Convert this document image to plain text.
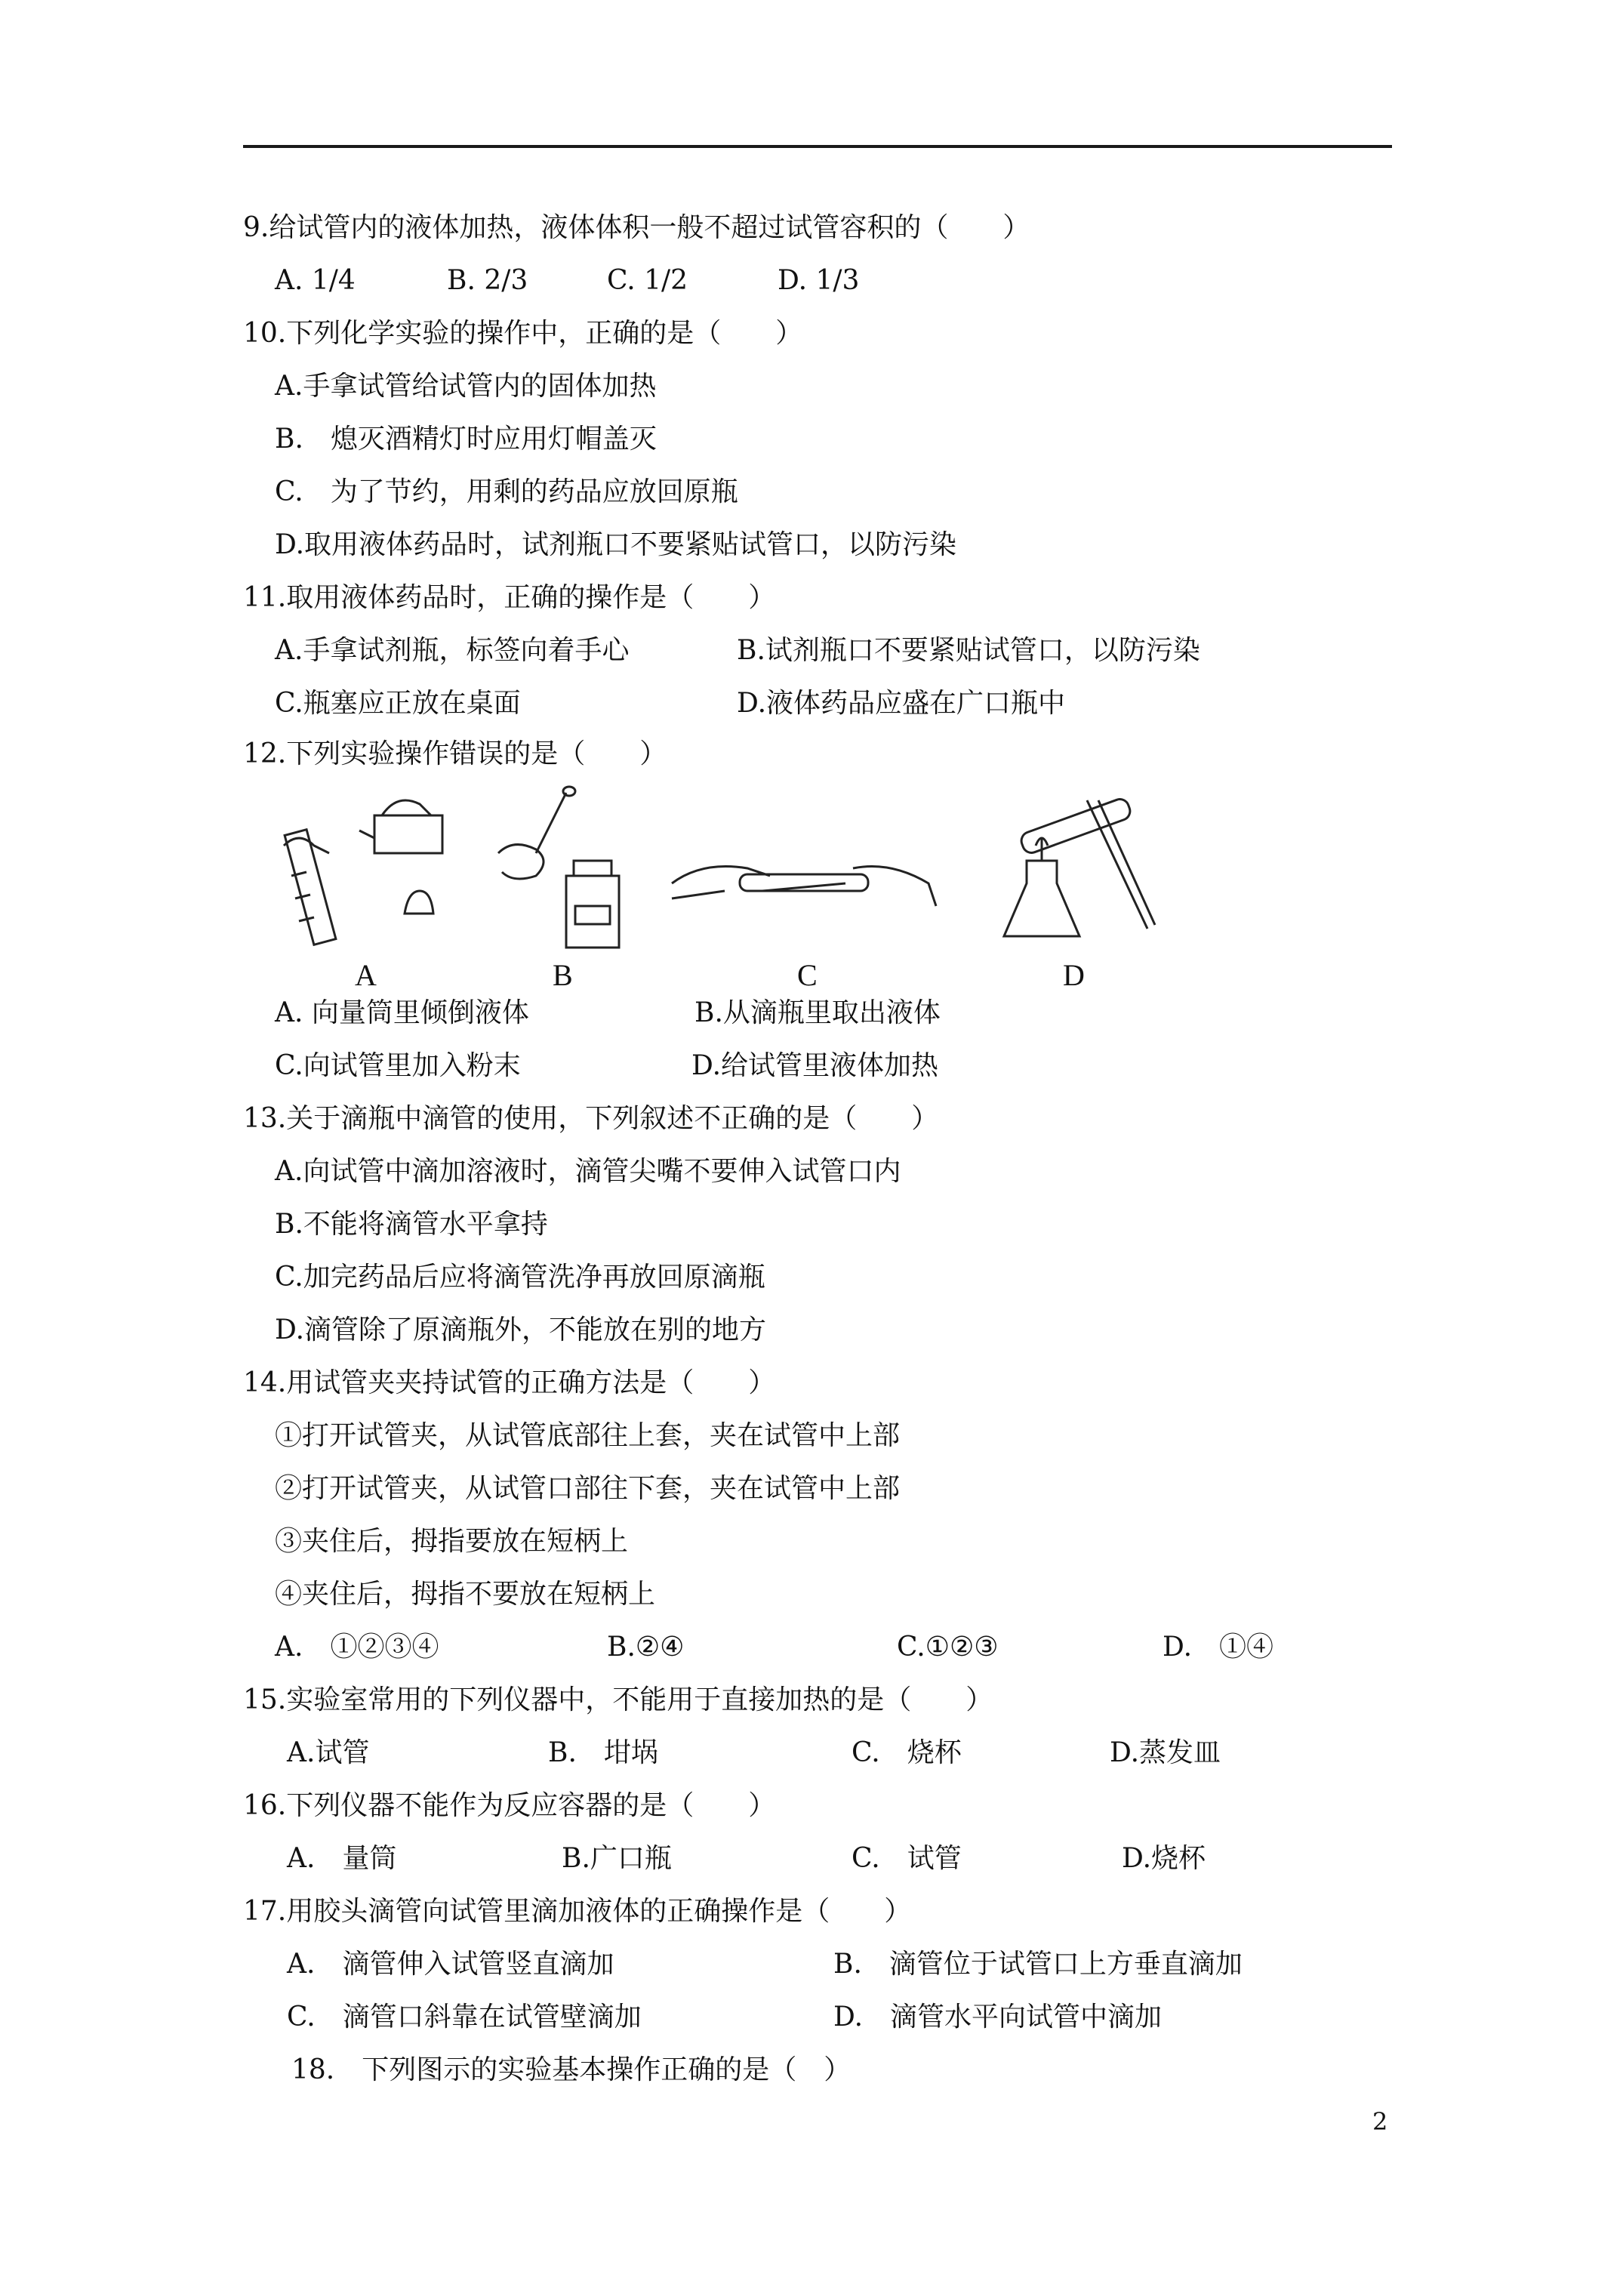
9.给试管内的液体加热，液体体积一般不超过试管容积的（　　）
A. 1/4	B. 2/3	C. 1/2	D. 1/3
10.下列化学实验的操作中，正确的是（　　）
A.手拿试管给试管内的固体加热
B.　熄灭酒精灯时应用灯帽盖灭
C.　为了节约，用剩的药品应放回原瓶
D.取用液体药品时，试剂瓶口不要紧贴试管口，以防污染
11.取用液体药品时，正确的操作是（　　）
A.手拿试剂瓶，标签向着手心	B.试剂瓶口不要紧贴试管口，以防污染
C.瓶塞应正放在桌面	D.液体药品应盛在广口瓶中
12.下列实验操作错误的是（　　）
A	B	C	D
A. 向量筒里倾倒液体	B.从滴瓶里取出液体
C.向试管里加入粉末	D.给试管里液体加热
13.关于滴瓶中滴管的使用，下列叙述不正确的是（　　）
A.向试管中滴加溶液时，滴管尖嘴不要伸入试管口内
B.不能将滴管水平拿持
C.加完药品后应将滴管洗净再放回原滴瓶
D.滴管除了原滴瓶外，不能放在别的地方
14.用试管夹夹持试管的正确方法是（　　）
①打开试管夹，从试管底部往上套，夹在试管中上部
②打开试管夹，从试管口部往下套，夹在试管中上部
③夹住后，拇指要放在短柄上
④夹住后，拇指不要放在短柄上
A.　①②③④	B.②④	C.①②③	D.　①④
15.实验室常用的下列仪器中，不能用于直接加热的是（　　）
A.试管	B.　坩埚	C.　烧杯	D.蒸发皿
16.下列仪器不能作为反应容器的是（　　）
A.　量筒	B.广口瓶	C.　试管	D.烧杯
17.用胶头滴管向试管里滴加液体的正确操作是（　　）
A.　滴管伸入试管竖直滴加	B.　滴管位于试管口上方垂直滴加
C.　滴管口斜靠在试管壁滴加	D.　滴管水平向试管中滴加
18.　下列图示的实验基本操作正确的是（　）
2
